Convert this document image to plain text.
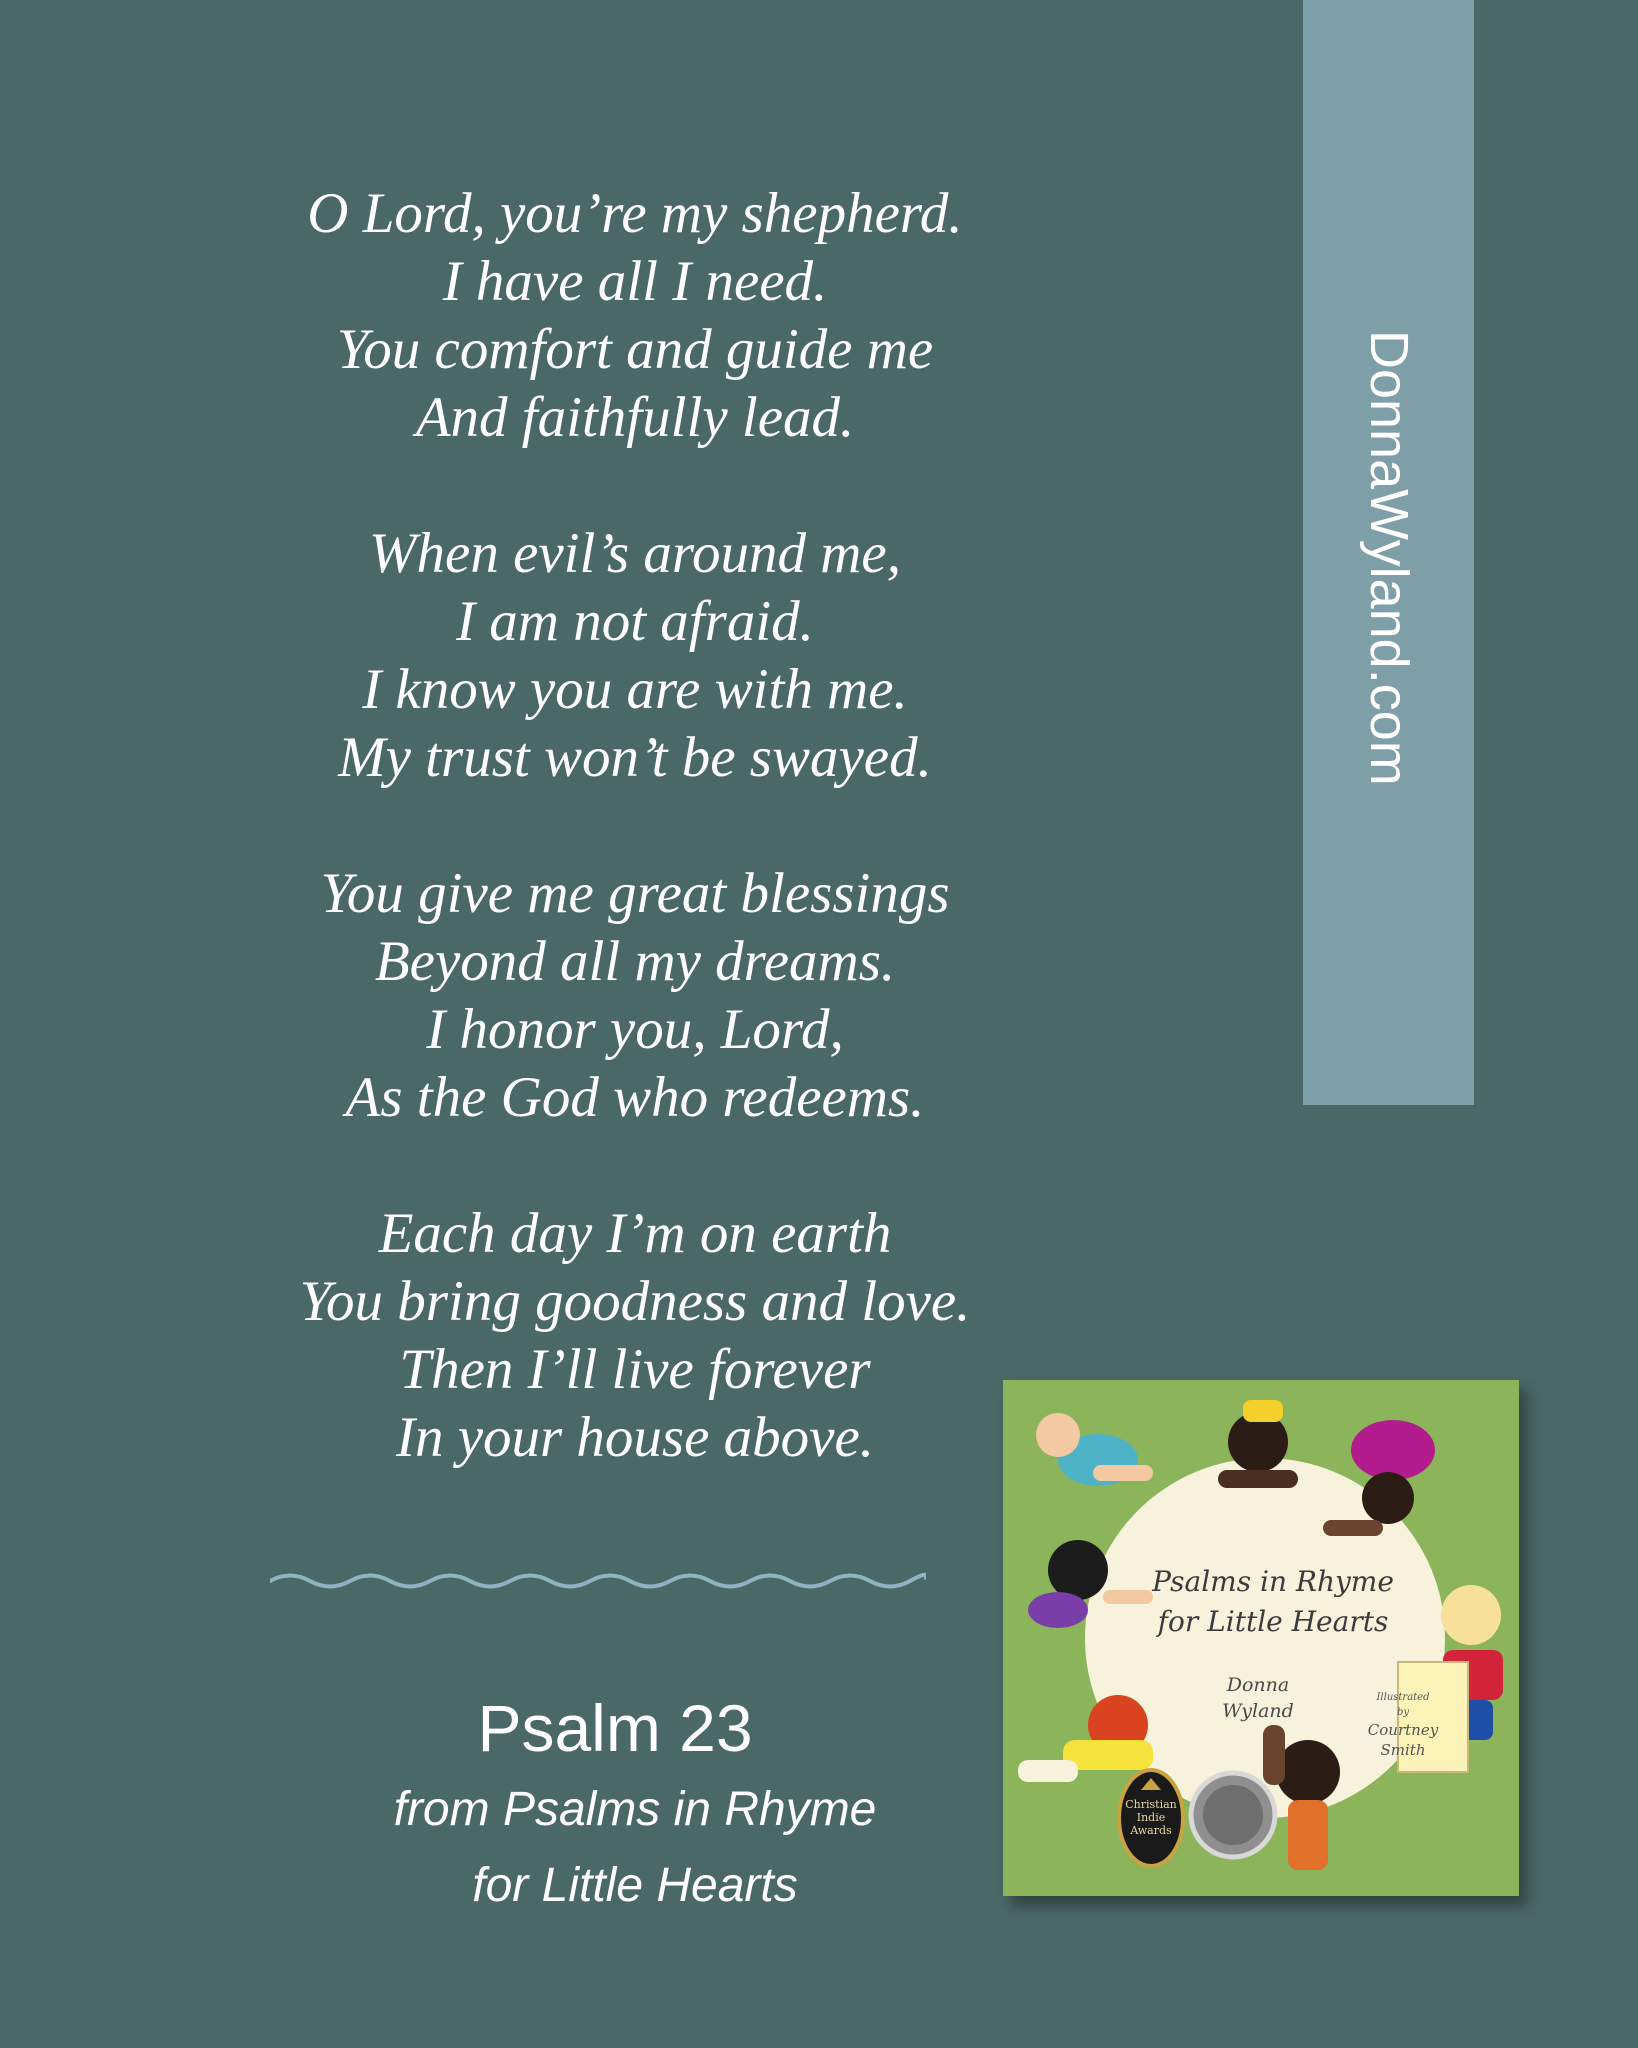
DonnaWyland.com
O Lord, you’re my shepherd.
I have all I need.
You comfort and guide me
And faithfully lead.
When evil’s around me,
I am not afraid.
I know you are with me.
My trust won’t be swayed.
You give me great blessings
Beyond all my dreams.
I honor you, Lord,
As the God who redeems.
Each day I’m on earth
You bring goodness and love.
Then I’ll live forever
In your house above.
Psalm 23
from Psalms in Rhyme
for Little Hearts
Psalms in Rhyme
for Little Hearts
Donna
Wyland
Illustrated
by
Courtney
Smith
Christian
Indie
Awards
